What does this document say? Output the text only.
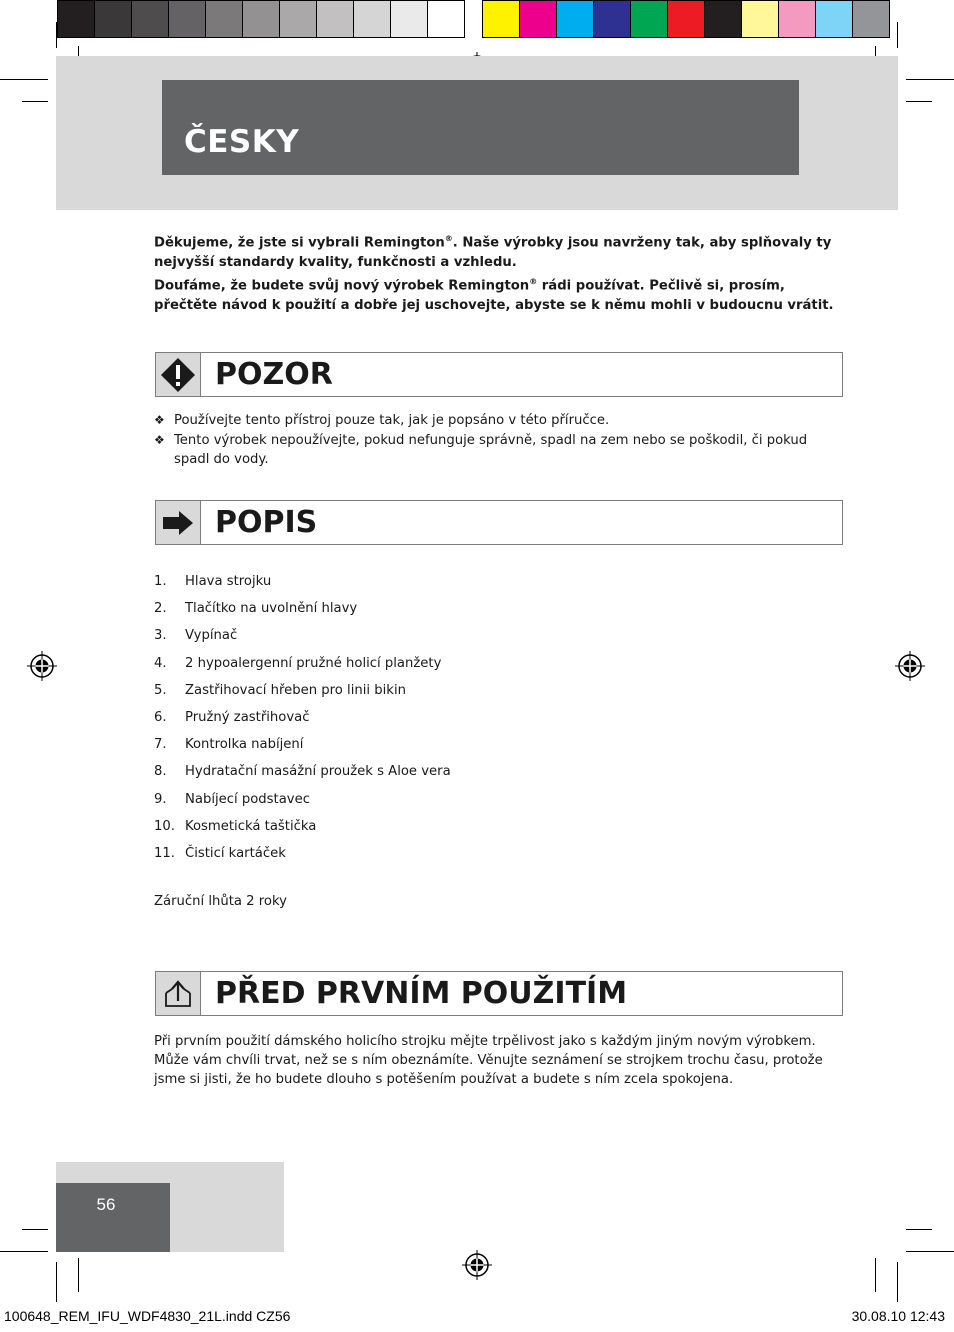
ČESKY
Děkujeme, že jste si vybrali Remington®. Naše výrobky jsou navrženy tak, aby splňovaly ty nejvyšší standardy kvality, funkčnosti a vzhledu.
Doufáme, že budete svůj nový výrobek Remington® rádi používat. Pečlivě si, prosím, přečtěte návod k použití a dobře jej uschovejte, abyste se k němu mohli v budoucnu vrátit.
POZOR
❖ Používejte tento přístroj pouze tak, jak je popsáno v této příručce.
❖ Tento výrobek nepoužívejte, pokud nefunguje správně, spadl na zem nebo se poškodil, či pokud spadl do vody.
POPIS
1.	Hlava strojku
2.	Tlačítko na uvolnění hlavy
3.	Vypínač
4.	2 hypoalergenní pružné holicí planžety
5.	Zastřihovací hřeben pro linii bikin
6.	Pružný zastřihovač
7.	Kontrolka nabíjení
8.	Hydratační masážní proužek s Aloe vera
9.	Nabíjecí podstavec
10. Kosmetická taštička
11. Čisticí kartáček
Záruční lhůta 2 roky
PŘED PRVNÍM POUŽITÍM
Při prvním použití dámského holicího strojku mějte trpělivost jako s každým jiným novým výrobkem. Může vám chvíli trvat, než se s ním obeznámíte. Věnujte seznámení se strojkem trochu času, protože jsme si jisti, že ho budete dlouho s potěšením používat a budete s ním zcela spokojena.
56
100648_REM_IFU_WDF4830_21L.indd CZ56	30.08.10 12:43
